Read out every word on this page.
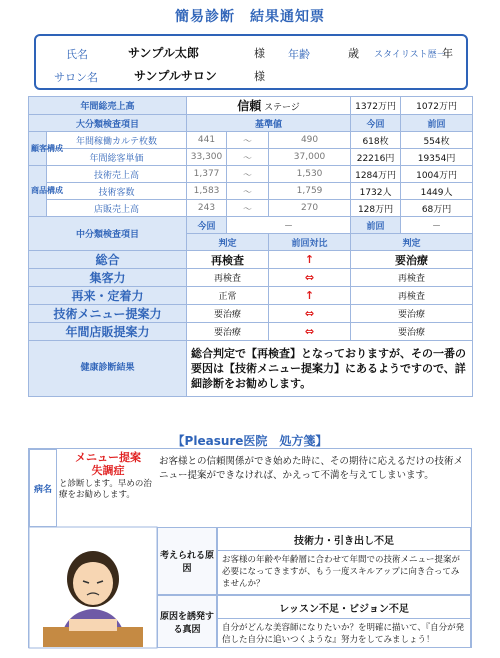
簡易診断　結果通知票
氏名	サンプル太郎	様 年齢	歳 スタイリスト歴－
年
サロン名	サンプルサロン	様
年間総売上高		信頼 ステージ			1372万円	1072万円
大分類検査項目		基準値			今回	前回
顧客構成	年間稼働カルテ枚数	441	～	490	618枚	554枚
	年間総客単価	33,300	～	37,000	22216円	19354円
商品構成	技術売上高	1,377	～	1,530	1284万円	1004万円
	技術客数	1,583	～	1,759	1732人	1449人
	店販売上高	243	～	270	128万円	68万円
中分類検査項目		今回	－		前回	－
		判定		前回対比	判定	
総合		再検査		↑	要治療	
集客力		再検査		⇔	再検査	
再来・定着力		正常		↑	再検査	
技術メニュー提案力		要治療		⇔	要治療	
年間店販提案力		要治療		⇔	要治療	
健康診断結果		総合判定で【再検査】となっておりますが、その一番の要因は【技術メニュー提案力】にあるようですので、詳細診断をお勧めします。				
【Pleasure医院　処方箋】
病名
メニュー提案
失調症
と診断します。早めの治療をお勧めします。
お客様との信頼関係ができ始めた時に、その期待に応えるだけの技術メニュー提案ができなければ、かえって不満を与えてしまいます。
考えられる原因
技術力・引き出し不足
お客様の年齢や年齢層に合わせて年間での技術メニュー提案が必要になってきますが、もう一度スキルアップに向き合ってみませんか？
原因を誘発する真因
レッスン不足・ビジョン不足
自分がどんな美容師になりたいか？を明確に描いて、『自分が発信した自分に追いつくような』努力をしてみましょう！
